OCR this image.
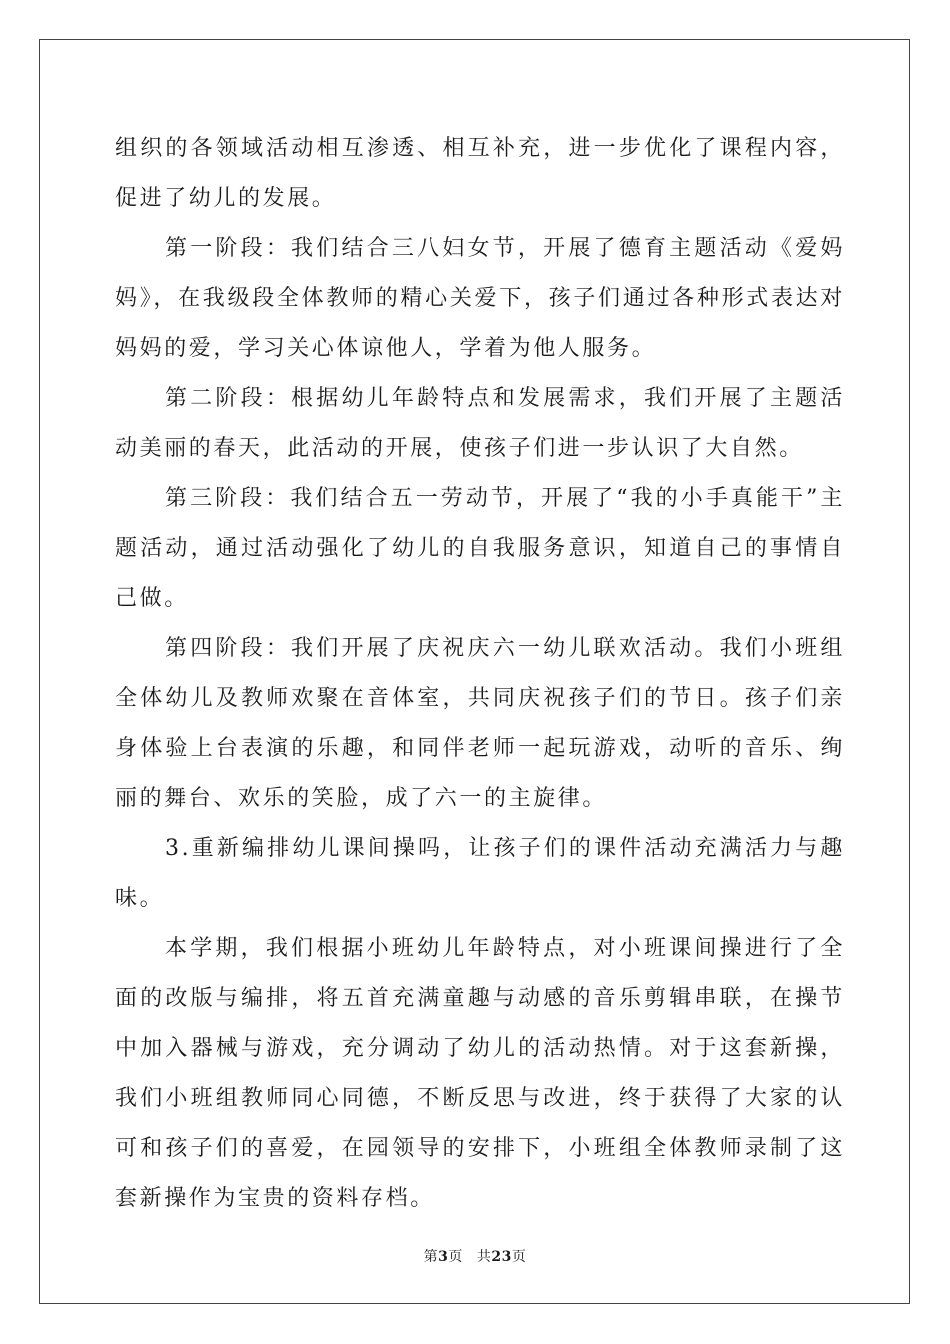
组织的各领域活动相互渗透、相互补充，进一步优化了课程内容，促进了幼儿的发展。

第一阶段：我们结合三八妇女节，开展了德育主题活动《爱妈妈》，在我级段全体教师的精心关爱下，孩子们通过各种形式表达对妈妈的爱，学习关心体谅他人，学着为他人服务。

第二阶段：根据幼儿年龄特点和发展需求，我们开展了主题活动美丽的春天，此活动的开展，使孩子们进一步认识了大自然。

第三阶段：我们结合五一劳动节，开展了“我的小手真能干”主题活动，通过活动强化了幼儿的自我服务意识，知道自己的事情自己做。

第四阶段：我们开展了庆祝庆六一幼儿联欢活动。我们小班组全体幼儿及教师欢聚在音体室，共同庆祝孩子们的节日。孩子们亲身体验上台表演的乐趣，和同伴老师一起玩游戏，动听的音乐、绚丽的舞台、欢乐的笑脸，成了六一的主旋律。

3.重新编排幼儿课间操吗，让孩子们的课件活动充满活力与趣味。

本学期，我们根据小班幼儿年龄特点，对小班课间操进行了全面的改版与编排，将五首充满童趣与动感的音乐剪辑串联，在操节中加入器械与游戏，充分调动了幼儿的活动热情。对于这套新操，我们小班组教师同心同德，不断反思与改进，终于获得了大家的认可和孩子们的喜爱，在园领导的安排下，小班组全体教师录制了这套新操作为宝贵的资料存档。

第3页 共23页
